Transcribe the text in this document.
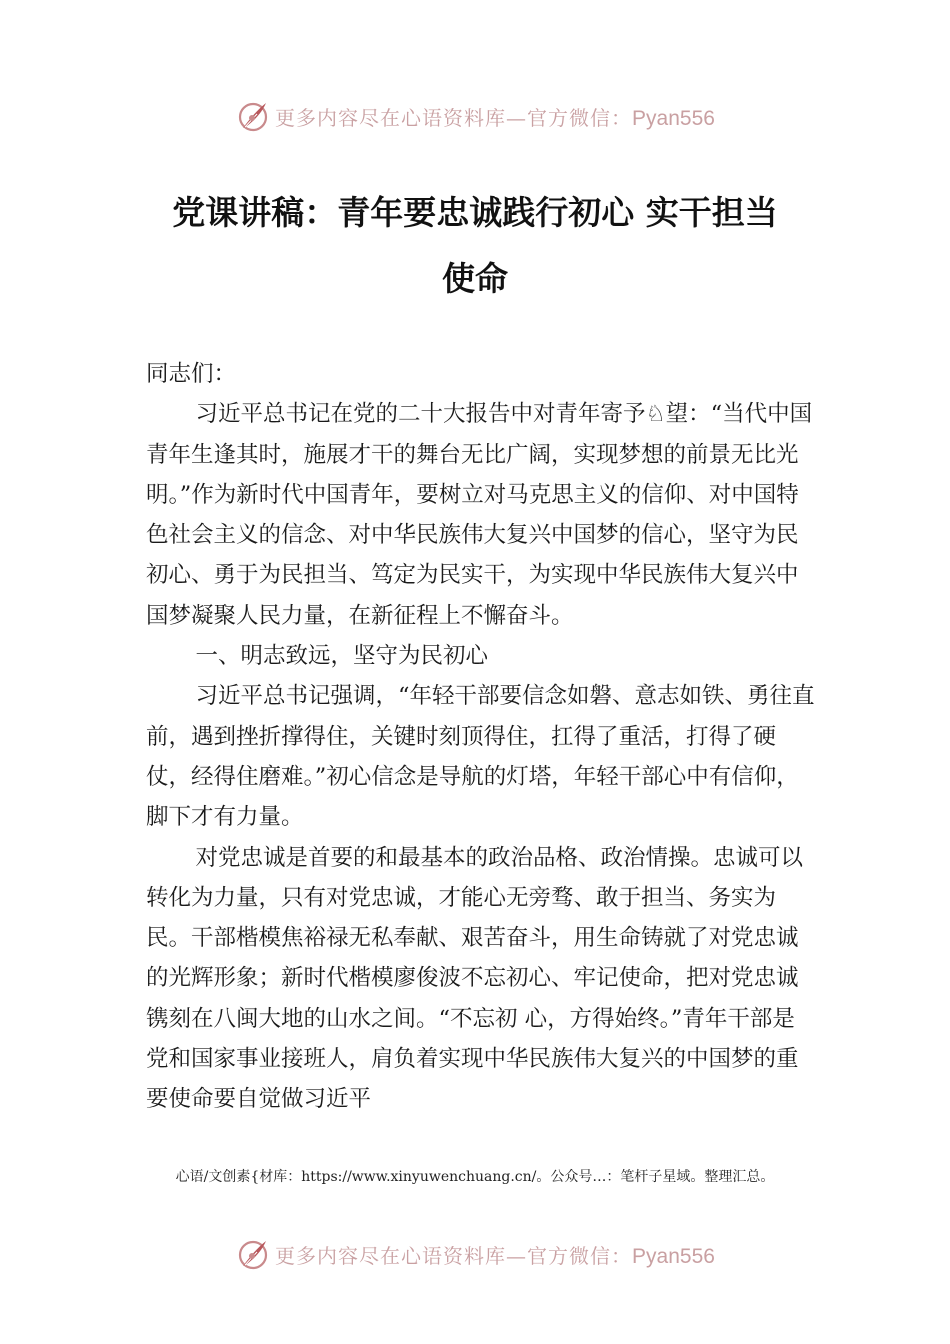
更多内容尽在心语资料库—官方微信：Pyan556
党课讲稿：青年要忠诚践行初心 实干担当
使命

同志们：

习近平总书记在党的二十大报告中对青年寄予♘望：“当代中国青年生逢其时，施展才干的舞台无比广阔，实现梦想的前景无比光明。”作为新时代中国青年，要树立对马克思主义的信仰、对中国特色社会主义的信念、对中华民族伟大复兴中国梦的信心，坚守为民初心、勇于为民担当、笃定为民实干，为实现中华民族伟大复兴中国梦凝聚人民力量，在新征程上不懈奋斗。

一、明志致远，坚守为民初心

习近平总书记强调，“年轻干部要信念如磐、意志如铁、勇往直前，遇到挫折撑得住，关键时刻顶得住，扛得了重活，打得了硬仗，经得住磨难。”初心信念是导航的灯塔，年轻干部心中有信仰，脚下才有力量。

对党忠诚是首要的和最基本的政治品格、政治情操。忠诚可以转化为力量，只有对党忠诚，才能心无旁骛、敢于担当、务实为民。干部楷模焦裕禄无私奉献、艰苦奋斗，用生命铸就了对党忠诚的光辉形象；新时代楷模廖俊波不忘初心、牢记使命，把对党忠诚镌刻在八闽大地的山水之间。“不忘初 心，方得始终。”青年干部是党和国家事业接班人，肩负着实现中华民族伟大复兴的中国梦的重要使命要自觉做习近平

心语/文创素{材库：https://www.xinyuwenchuang.cn/。公众号…：笔杆子星域。整理汇总。
更多内容尽在心语资料库—官方微信：Pyan556
